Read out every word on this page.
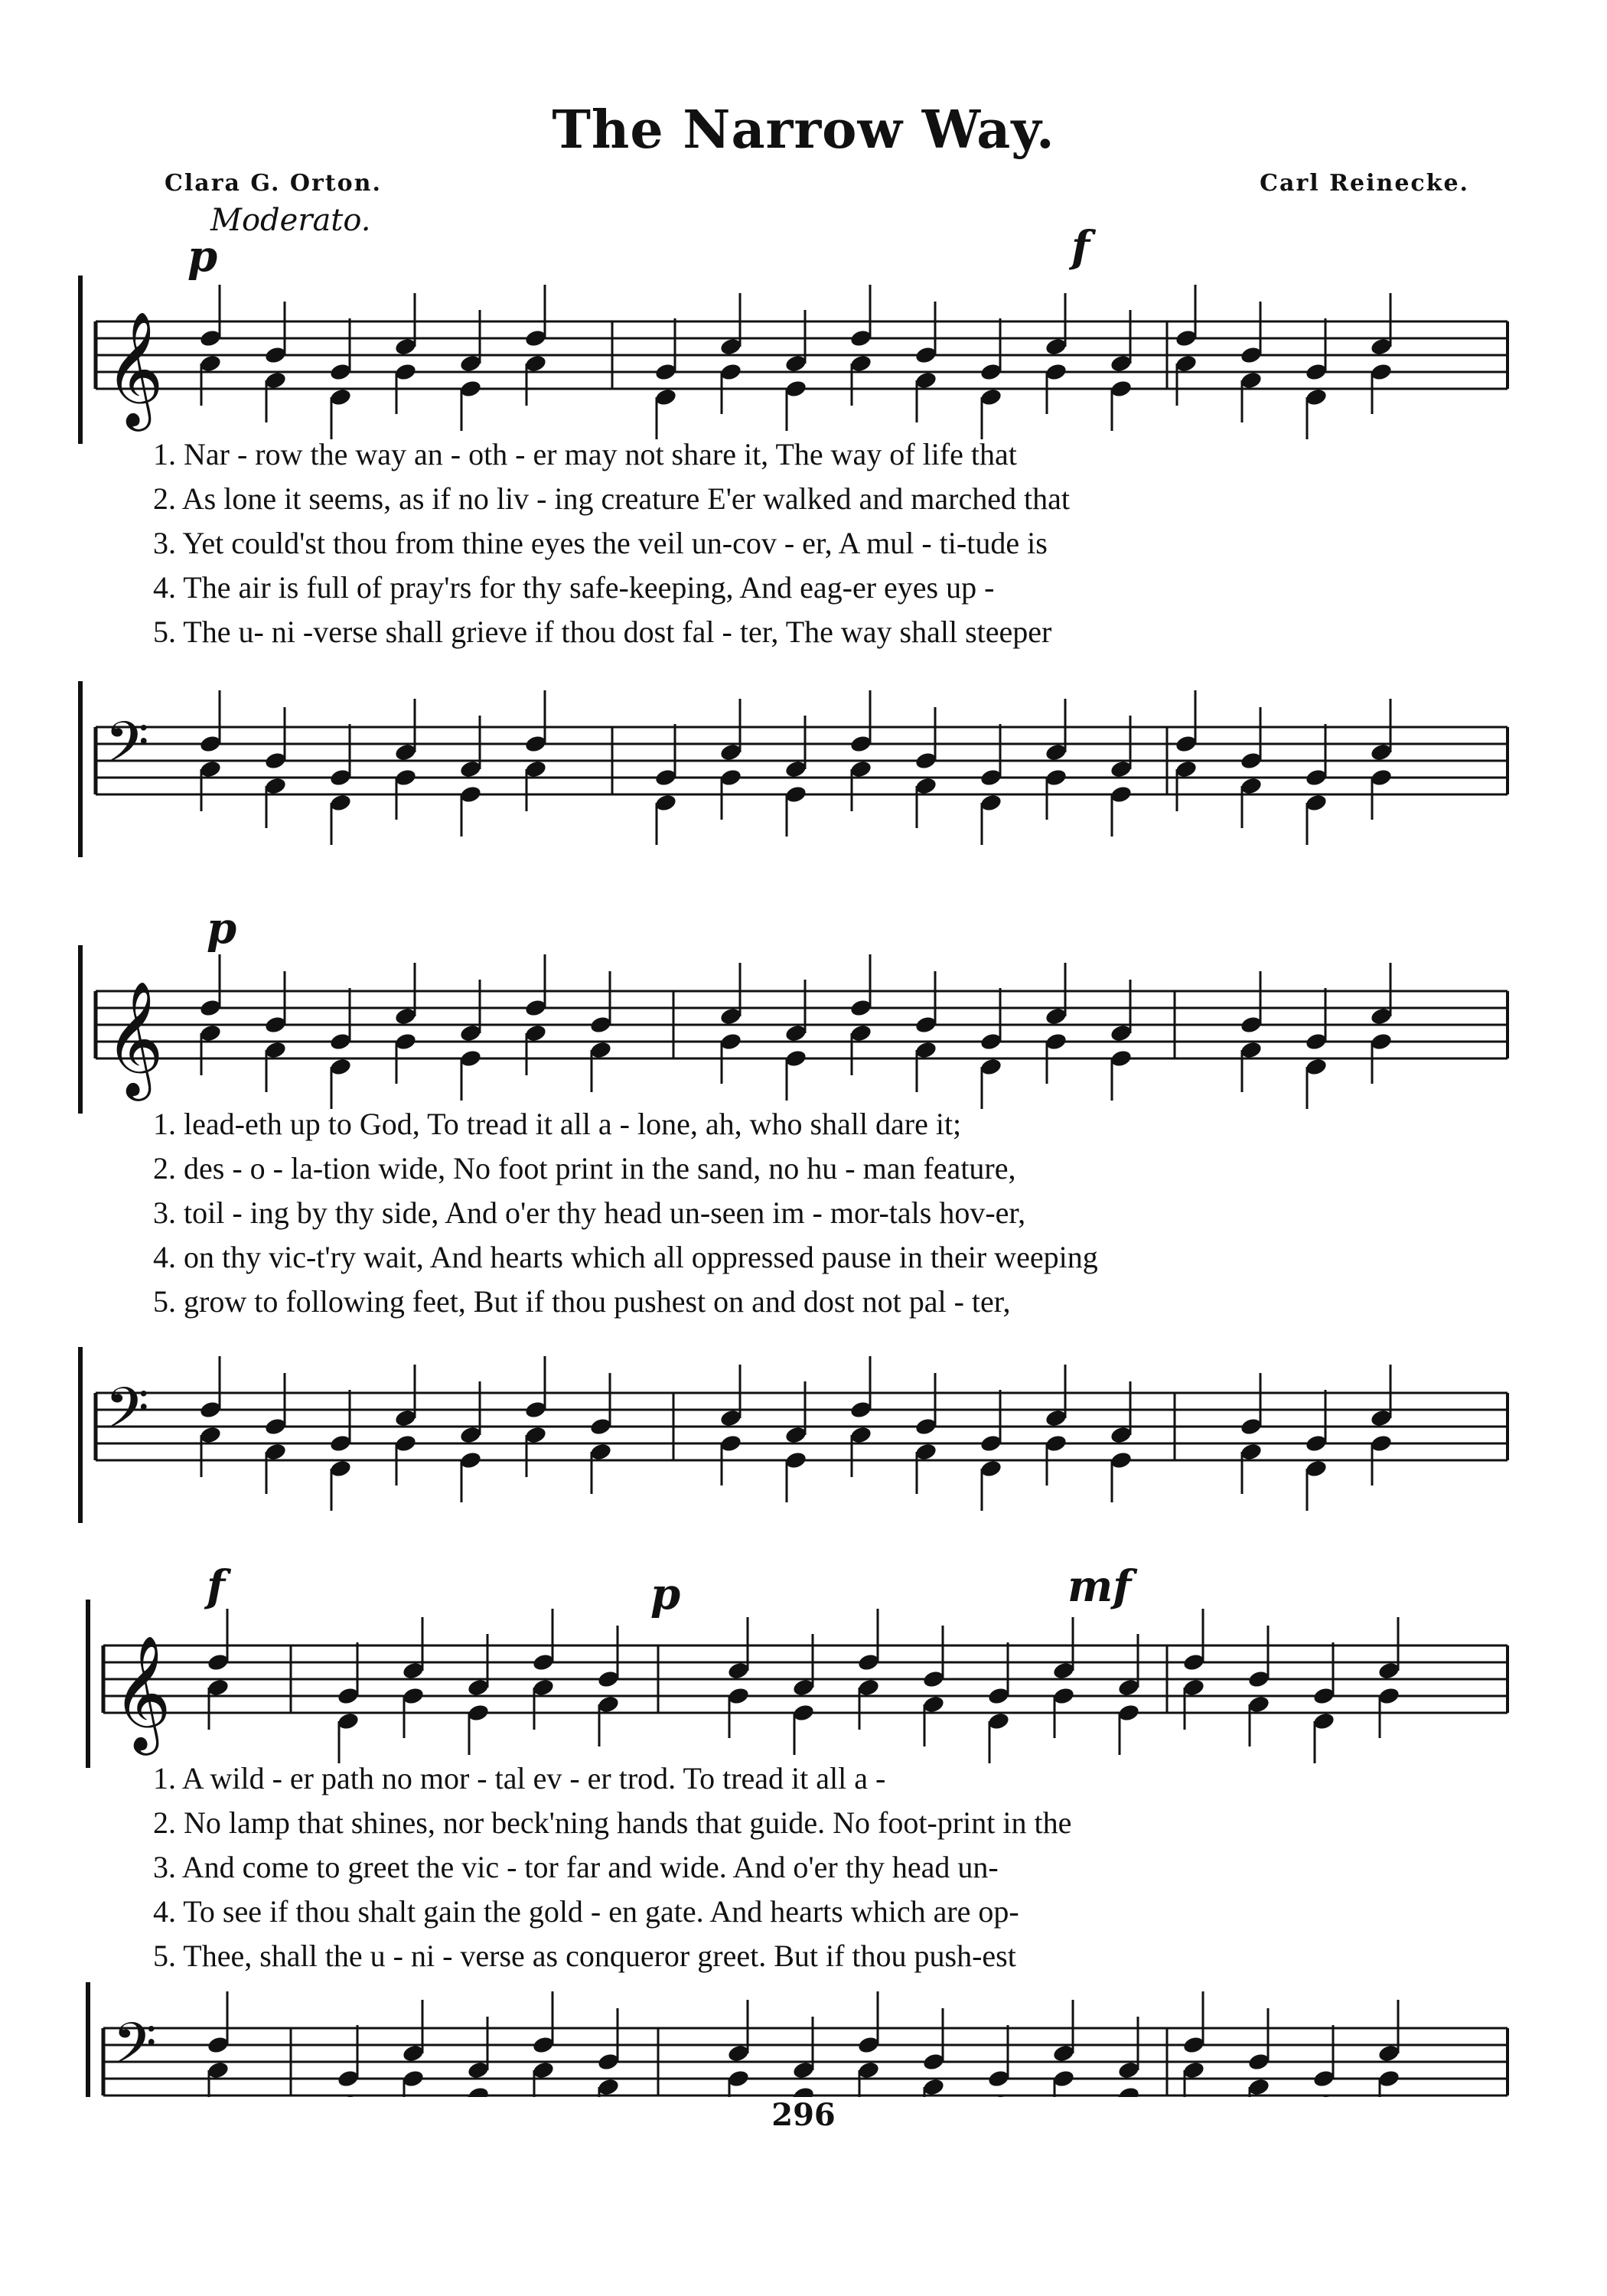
The Narrow Way.
Clara G. Orton.	Carl Reinecke.
Moderato.
p	f
𝄞
1. Nar - row the way an - oth - er may not share it, The way of life that
2. As lone it seems, as if no liv - ing creature E'er walked and marched that
3. Yet could'st thou from thine eyes the veil un-cov - er, A mul - ti-tude is
4. The air is full of pray'rs for thy safe-keeping, And eag-er eyes up -
5. The u- ni -verse shall grieve if thou dost fal - ter, The way shall steeper
𝄢
p
𝄞
1. lead-eth up to God, To tread it all a - lone, ah, who shall dare it;
2. des - o - la-tion wide, No foot print in the sand, no hu - man feature,
3. toil - ing by thy side, And o'er thy head un-seen im - mor-tals hov-er,
4. on thy vic-t'ry wait, And hearts which all oppressed pause in their weeping
5. grow to following feet, But if thou pushest on and dost not pal - ter,
𝄢
f	p	mf
𝄞
1. A wild - er path no mor - tal ev - er trod. To tread it all a -
2. No lamp that shines, nor beck'ning hands that guide. No foot-print in the
3. And come to greet the vic - tor far and wide. And o'er thy head un-
4. To see if thou shalt gain the gold - en gate. And hearts which are op-
5. Thee, shall the u - ni - verse as conqueror greet. But if thou push-est
𝄢
296
